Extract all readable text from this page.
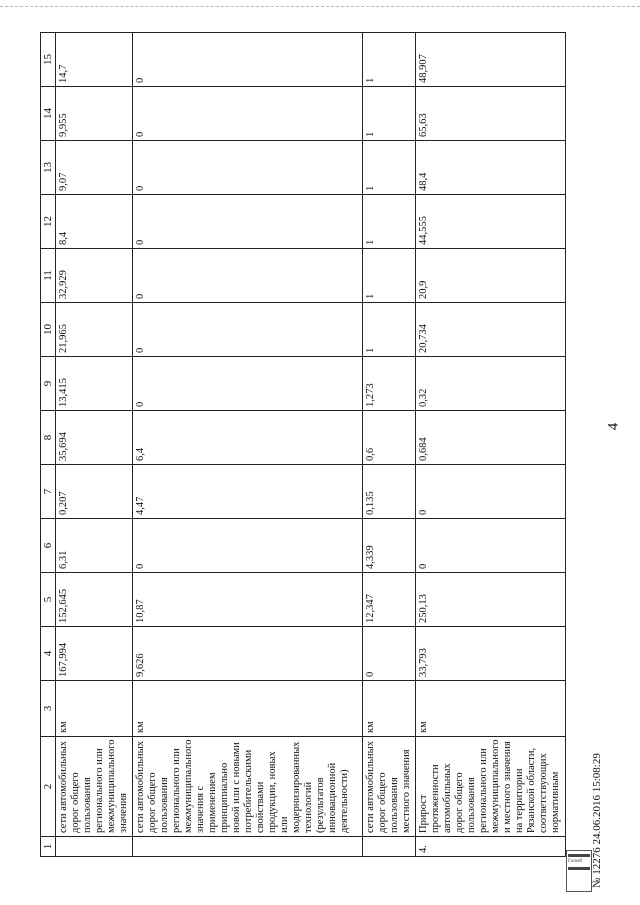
4
1	2	3	4	5	6	7	8	9	10	11	12	13	14	15
	сети автомобильных дорог общего пользования регионального или межмуниципального значения	км	167,994	152,645	6,31	0,207	35,694	13,415	21,965	32,929	8,4	9,07	9,955	14,7
	сети автомобильных дорог общего пользования регионального или межмуниципального значения с применением принципиально новой или с новыми потребительскими свойствами продукции, новых или модернизированных технологий (результатов инновационной деятельности)	км	9,626	10,87	0	4,47	6,4	0	0	0	0	0	0	0
	сети автомобильных дорог общего пользования местного значения	км	0	12,347	4,339	0,135	0,6	1,273	1	1	1	1	1	1
4.	Прирост протяженности автомобильных дорог общего пользования регионального или межмуниципального и местного значения на территории Рязанской области, соответствующих нормативным	км	33,793	250,13	0	0	0,684	0,32	20,734	20,9	44,555	48,4	65,63	48,907
№ 12276 24.06.2016 15:08:29
Госвеб
